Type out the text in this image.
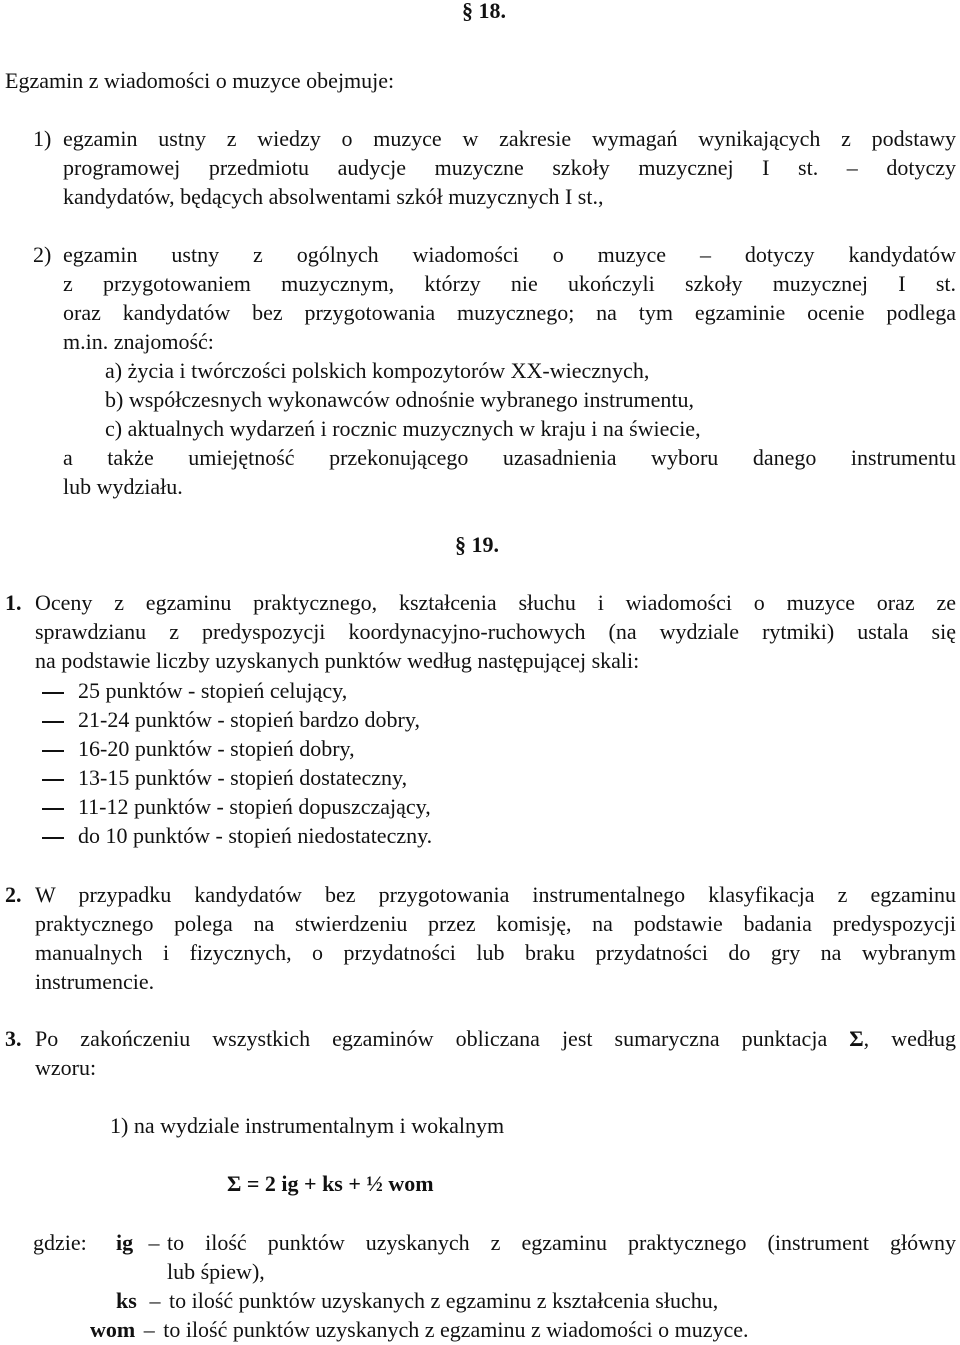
§ 18.
Egzamin z wiadomości o muzyce obejmuje:
1) egzamin ustny z wiedzy o muzyce w zakresie wymagań wynikających z podstawy
programowej przedmiotu audycje muzyczne szkoły muzycznej I st. – dotyczy
kandydatów, będących absolwentami szkół muzycznych I st.,
2) egzamin ustny z ogólnych wiadomości o muzyce – dotyczy kandydatów
z przygotowaniem muzycznym, którzy nie ukończyli szkoły muzycznej I st.
oraz kandydatów bez przygotowania muzycznego; na tym egzaminie ocenie podlega
m.in. znajomość:
a) życia i twórczości polskich kompozytorów XX-wiecznych,
b) współczesnych wykonawców odnośnie wybranego instrumentu,
c) aktualnych wydarzeń i rocznic muzycznych w kraju i na świecie,
a także umiejętność przekonującego uzasadnienia wyboru danego instrumentu
lub wydziału.
§ 19.
1. Oceny z egzaminu praktycznego, kształcenia słuchu i wiadomości o muzyce oraz ze
sprawdzianu z predyspozycji koordynacyjno-ruchowych (na wydziale rytmiki) ustala się
na podstawie liczby uzyskanych punktów według następującej skali:
25 punktów - stopień celujący,
21-24 punktów - stopień bardzo dobry,
16-20 punktów - stopień dobry,
13-15 punktów - stopień dostateczny,
11-12 punktów - stopień dopuszczający,
do 10 punktów - stopień niedostateczny.
2. W przypadku kandydatów bez przygotowania instrumentalnego klasyfikacja z egzaminu
praktycznego polega na stwierdzeniu przez komisję, na podstawie badania predyspozycji
manualnych i fizycznych, o przydatności lub braku przydatności do gry na wybranym
instrumencie.
3. Po zakończeniu wszystkich egzaminów obliczana jest sumaryczna punktacja Σ, według
wzoru:
1) na wydziale instrumentalnym i wokalnym
Σ = 2 ig + ks + ½ wom
gdzie: ig – to ilość punktów uzyskanych z egzaminu praktycznego (instrument główny
lub śpiew),
ks – to ilość punktów uzyskanych z egzaminu z kształcenia słuchu,
wom – to ilość punktów uzyskanych z egzaminu z wiadomości o muzyce.
